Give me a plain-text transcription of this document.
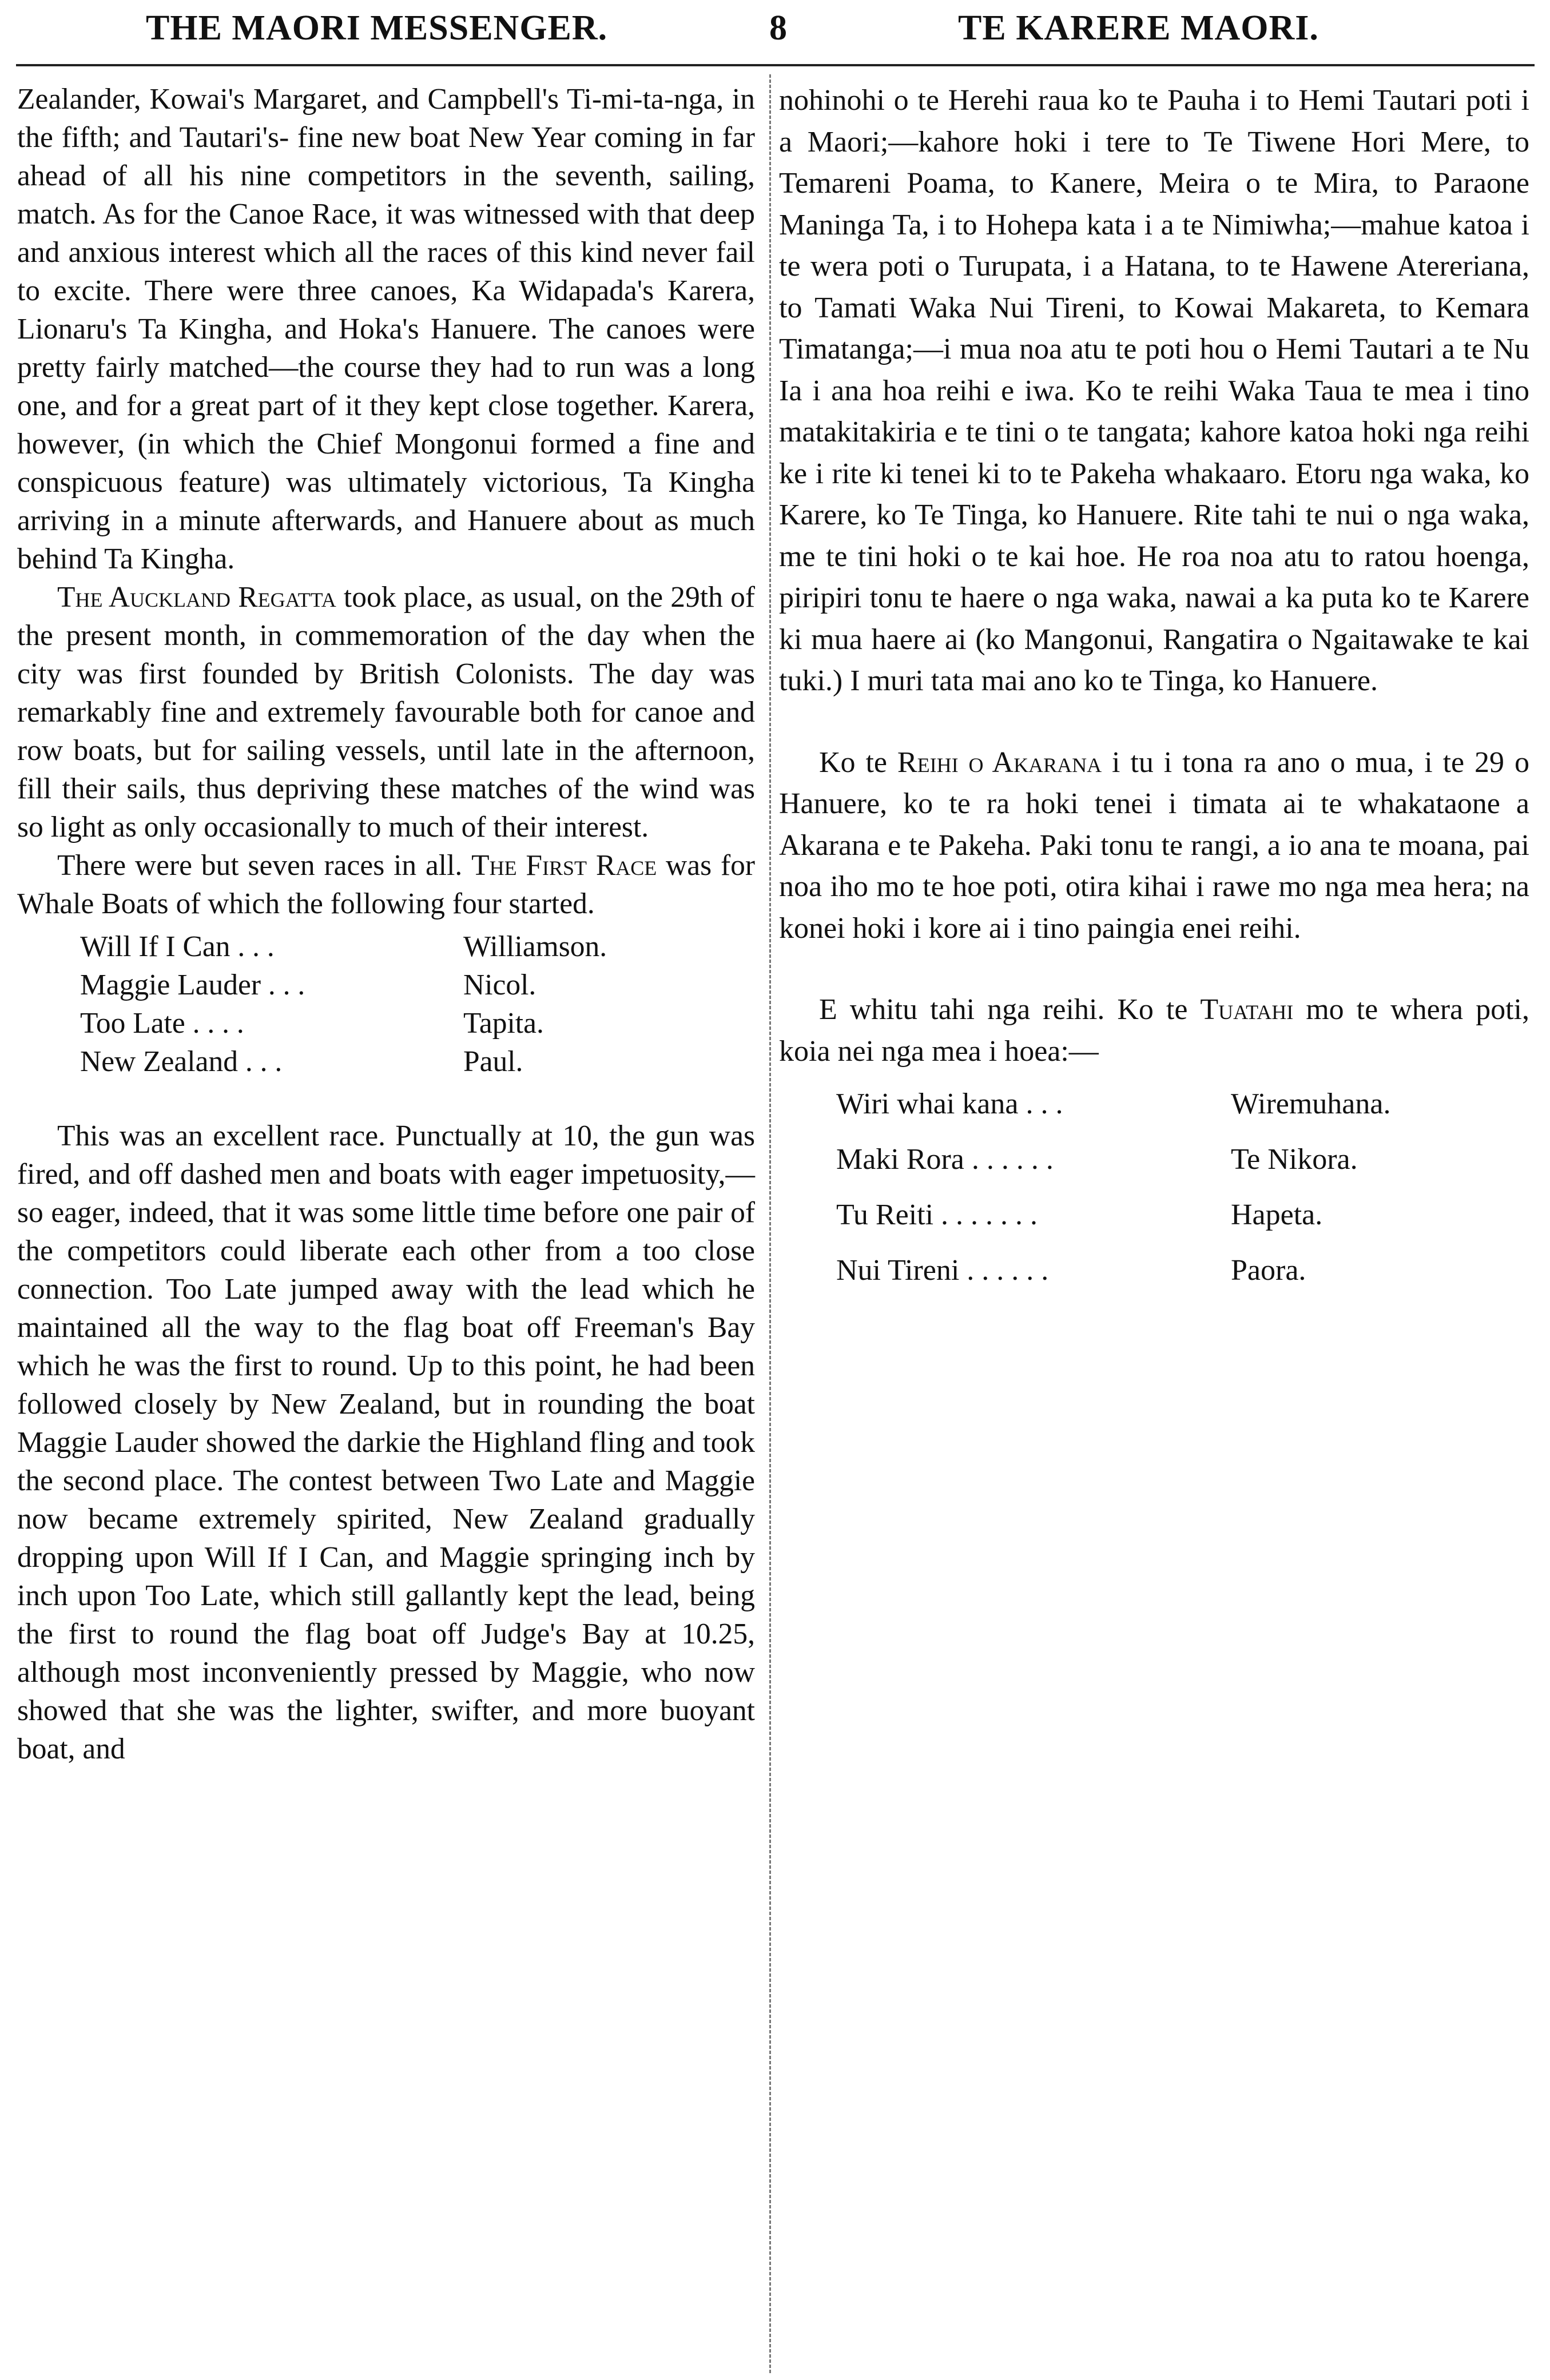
THE MAORI MESSENGER.	8	TE KARERE MAORI.

Zealander, Kowai's Margaret, and Campbell's Ti-mi-ta-nga, in the fifth; and Tautari's- fine new boat New Year coming in far ahead of all his nine competitors in the seventh, sailing, match. As for the Canoe Race, it was witnessed with that deep and anxious interest which all the races of this kind never fail to excite. There were three canoes, Ka Widapada's Karera, Lionaru's Ta Kingha, and Hoka's Hanuere. The canoes were pretty fairly matched—the course they had to run was a long one, and for a great part of it they kept close together. Karera, however, (in which the Chief Mongonui formed a fine and conspicuous feature) was ultimately victorious, Ta Kingha arriving in a minute afterwards, and Hanuere about as much behind Ta Kingha.

The Auckland Regatta took place, as usual, on the 29th of the present month, in commemoration of the day when the city was first founded by British Colonists. The day was remarkably fine and extremely favourable both for canoe and row boats, but for sailing vessels, until late in the afternoon, fill their sails, thus depriving these matches of the wind was so light as only occasionally to much of their interest.

There were but seven races in all. The First Race was for Whale Boats of which the following four started.

Will If I Can . . .	Williamson.
Maggie Lauder . . .	Nicol.
Too Late . . . .	Tapita.
New Zealand . . .	Paul.

This was an excellent race. Punctually at 10, the gun was fired, and off dashed men and boats with eager impetuosity,—so eager, indeed, that it was some little time before one pair of the competitors could liberate each other from a too close connection. Too Late jumped away with the lead which he maintained all the way to the flag boat off Freeman's Bay which he was the first to round. Up to this point, he had been followed closely by New Zealand, but in rounding the boat Maggie Lauder showed the darkie the Highland fling and took the second place. The contest between Two Late and Maggie now became extremely spirited, New Zealand gradually dropping upon Will If I Can, and Maggie springing inch by inch upon Too Late, which still gallantly kept the lead, being the first to round the flag boat off Judge's Bay at 10.25, although most inconveniently pressed by Maggie, who now showed that she was the lighter, swifter, and more buoyant boat, and

nohinohi o te Herehi raua ko te Pauha i to Hemi Tautari poti i a Maori;—kahore hoki i tere to Te Tiwene Hori Mere, to Temareni Poama, to Kanere, Meira o te Mira, to Paraone Maninga Ta, i to Hohepa kata i a te Nimiwha;—mahue katoa i te wera poti o Turupata, i a Hatana, to te Hawene Atereriana, to Tamati Waka Nui Tireni, to Kowai Makareta, to Kemara Timatanga;—i mua noa atu te poti hou o Hemi Tautari a te Nu Ia i ana hoa reihi e iwa. Ko te reihi Waka Taua te mea i tino matakitakiria e te tini o te tangata; kahore katoa hoki nga reihi ke i rite ki tenei ki to te Pakeha whakaaro. Etoru nga waka, ko Karere, ko Te Tinga, ko Hanuere. Rite tahi te nui o nga waka, me te tini hoki o te kai hoe. He roa noa atu to ratou hoenga, piripiri tonu te haere o nga waka, nawai a ka puta ko te Karere ki mua haere ai (ko Mangonui, Rangatira o Ngaitawake te kai tuki.) I muri tata mai ano ko te Tinga, ko Hanuere.

Ko te Reihi o Akarana i tu i tona ra ano o mua, i te 29 o Hanuere, ko te ra hoki tenei i timata ai te whakataone a Akarana e te Pakeha. Paki tonu te rangi, a io ana te moana, pai noa iho mo te hoe poti, otira kihai i rawe mo nga mea hera; na konei hoki i kore ai i tino paingia enei reihi.

E whitu tahi nga reihi. Ko te Tuatahi mo te whera poti, koia nei nga mea i hoea:—

Wiri whai kana . . .	Wiremuhana.
Maki Rora . . . . . .	Te Nikora.
Tu Reiti . . . . . . .	Hapeta.
Nui Tireni . . . . . .	Paora.
